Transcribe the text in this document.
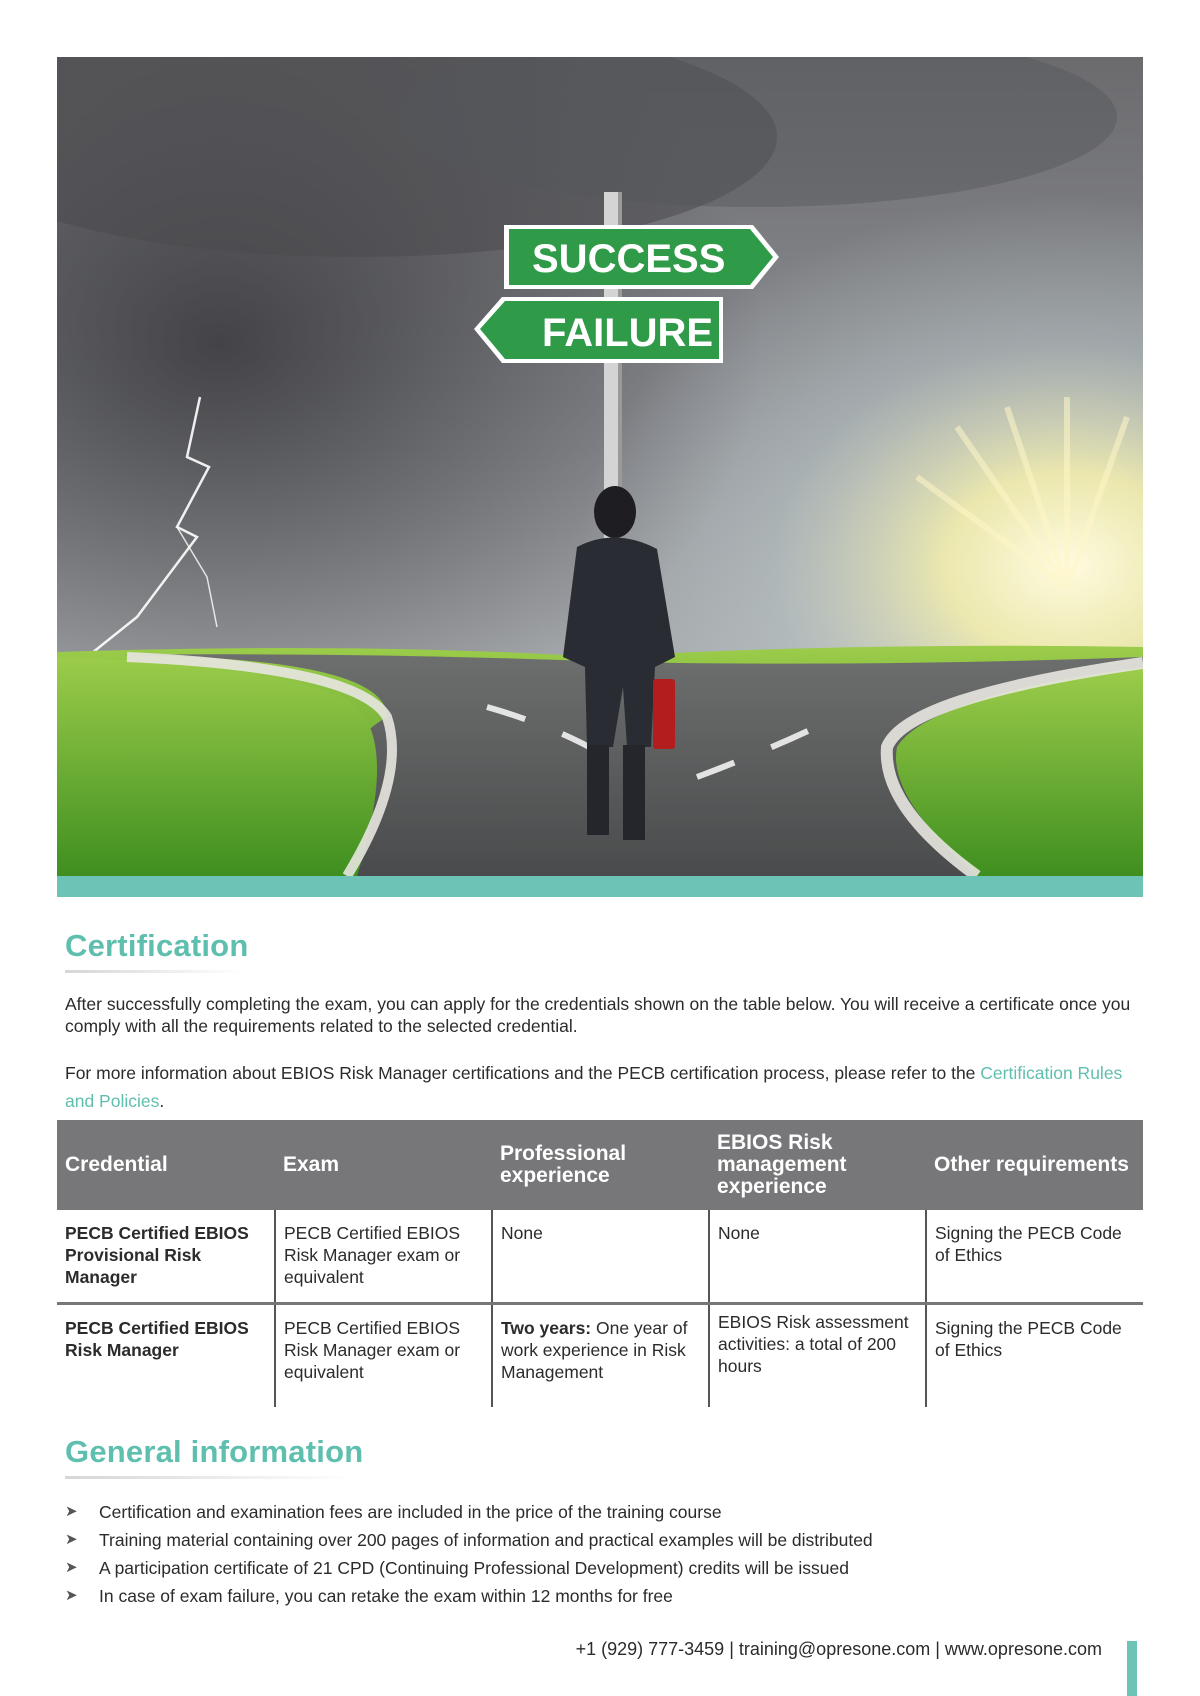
SUCCESS
FAILURE
Certification

After successfully completing the exam, you can apply for the credentials shown on the table below. You will receive a certificate once you comply with all the requirements related to the selected credential.

For more information about EBIOS Risk Manager certifications and the PECB certification process, please refer to the Certification Rules and Policies.

Credential	Exam	Professional experience	EBIOS Risk management experience	Other requirements
PECB Certified EBIOS Provisional Risk Manager	PECB Certified EBIOS Risk Manager exam or equivalent	None	None	Signing the PECB Code of Ethics
PECB Certified EBIOS Risk Manager	PECB Certified EBIOS Risk Manager exam or equivalent	Two years: One year of work experience in Risk Management	EBIOS Risk assessment activities: a total of 200 hours	Signing the PECB Code of Ethics
General information
➤ Certification and examination fees are included in the price of the training course
➤ Training material containing over 200 pages of information and practical examples will be distributed
➤ A participation certificate of 21 CPD (Continuing Professional Development) credits will be issued
➤ In case of exam failure, you can retake the exam within 12 months for free
+1 (929) 777-3459 | training@opresone.com | www.opresone.com
